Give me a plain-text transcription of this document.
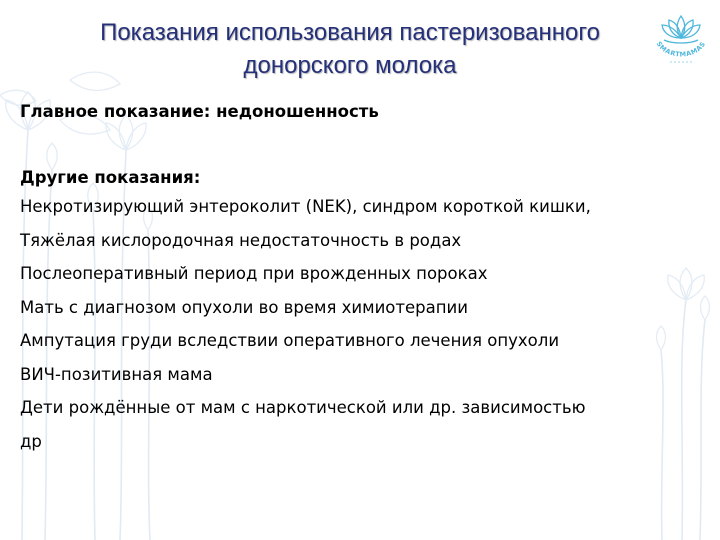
Показания использования пастеризованного
донорского молока
SMARTMAMAS

Главное показание: недоношенность

Другие показания:

Некротизирующий энтероколит (NEK), синдром короткой кишки,
Тяжёлая кислородочная недостаточность в родах
Послеоперативный период при врожденных пороках
Мать с диагнозом опухоли во время химиотерапии
Ампутация груди вследствии оперативного лечения опухоли
ВИЧ-позитивная мама
Дети рождённые от мам с наркотической или др. зависимостью
др
